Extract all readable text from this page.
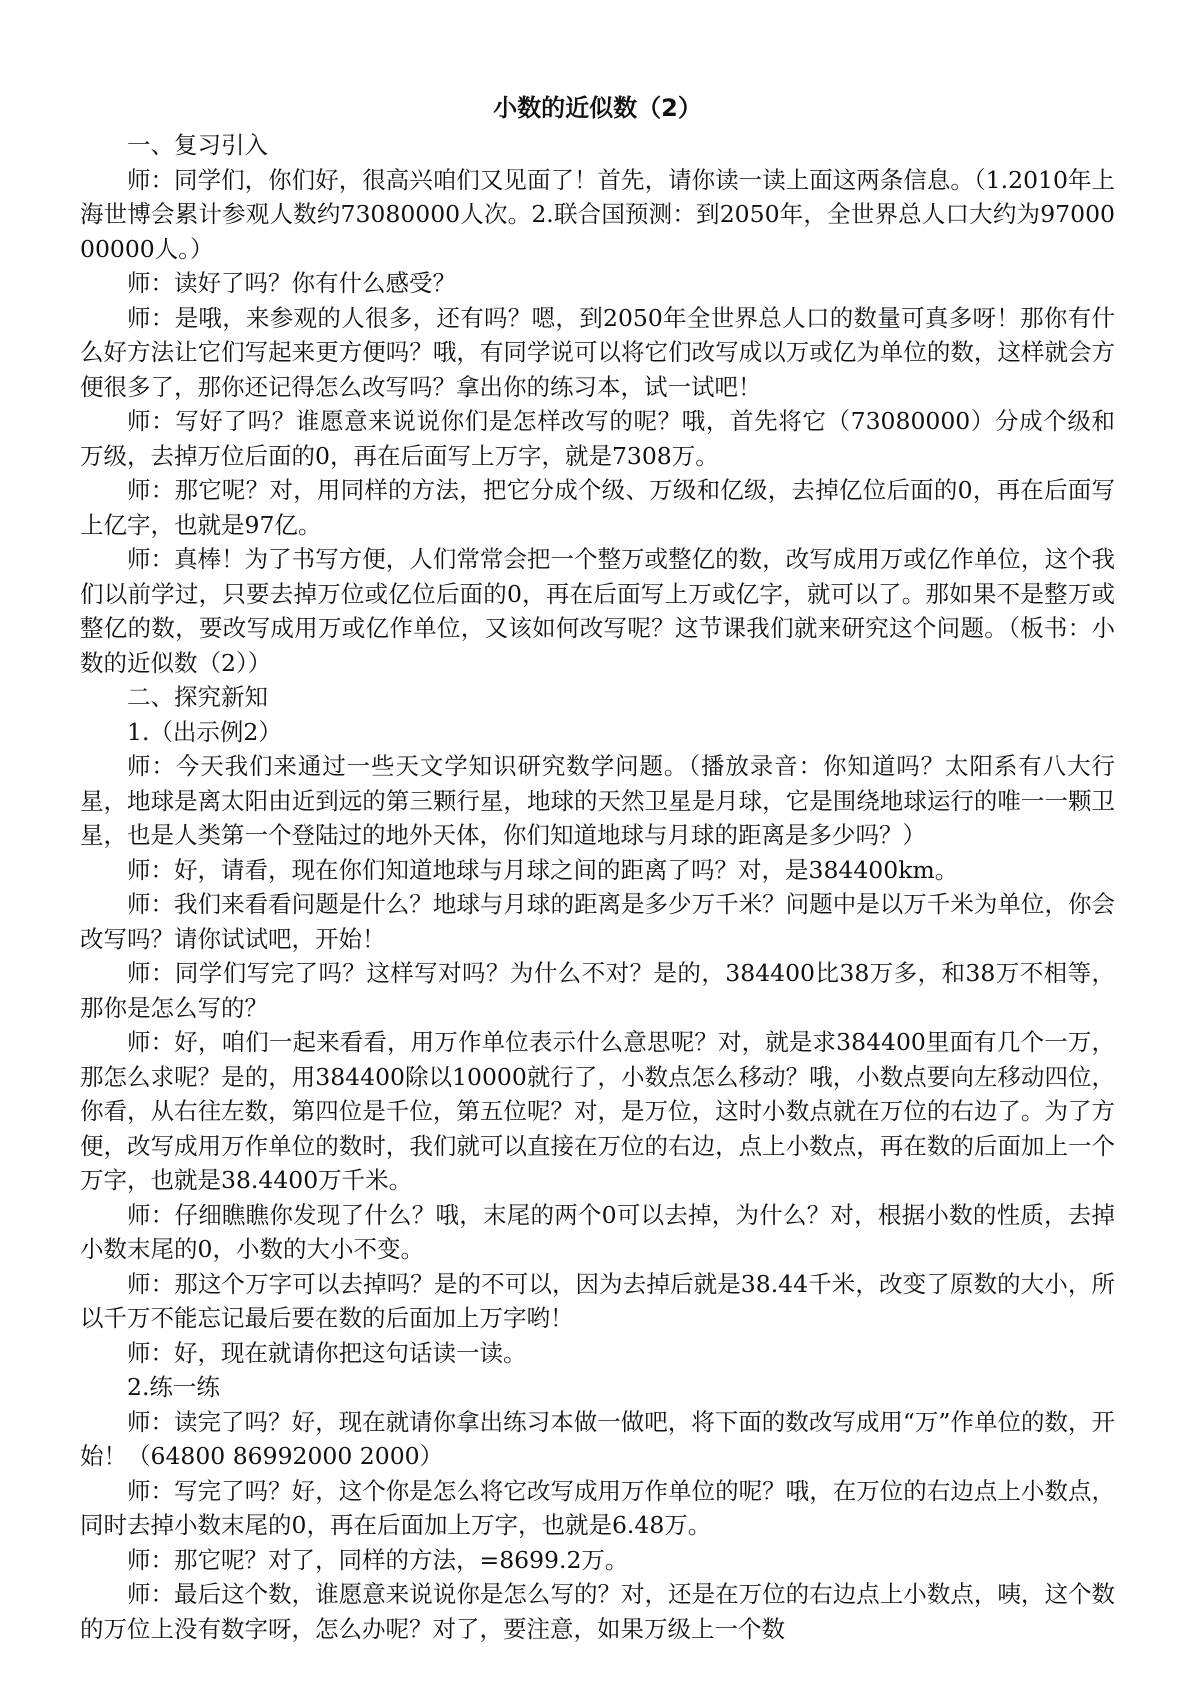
小数的近似数（2）

一、复习引入

师：同学们，你们好，很高兴咱们又见面了！首先，请你读一读上面这两条信息。（1.2010年上海世博会累计参观人数约73080000人次。2.联合国预测：到2050年，全世界总人口大约为9700000000人。）

师：读好了吗？你有什么感受？

师：是哦，来参观的人很多，还有吗？嗯，到2050年全世界总人口的数量可真多呀！那你有什么好方法让它们写起来更方便吗？哦，有同学说可以将它们改写成以万或亿为单位的数，这样就会方便很多了，那你还记得怎么改写吗？拿出你的练习本，试一试吧！

师：写好了吗？谁愿意来说说你们是怎样改写的呢？哦，首先将它（73080000）分成个级和万级，去掉万位后面的0，再在后面写上万字，就是7308万。

师：那它呢？对，用同样的方法，把它分成个级、万级和亿级，去掉亿位后面的0，再在后面写上亿字，也就是97亿。

师：真棒！为了书写方便，人们常常会把一个整万或整亿的数，改写成用万或亿作单位，这个我们以前学过，只要去掉万位或亿位后面的0，再在后面写上万或亿字，就可以了。那如果不是整万或整亿的数，要改写成用万或亿作单位，又该如何改写呢？这节课我们就来研究这个问题。（板书：小数的近似数（2））

二、探究新知

1.（出示例2）

师：今天我们来通过一些天文学知识研究数学问题。（播放录音：你知道吗？太阳系有八大行星，地球是离太阳由近到远的第三颗行星，地球的天然卫星是月球，它是围绕地球运行的唯一一颗卫星，也是人类第一个登陆过的地外天体，你们知道地球与月球的距离是多少吗？）

师：好，请看，现在你们知道地球与月球之间的距离了吗？对，是384400km。

师：我们来看看问题是什么？地球与月球的距离是多少万千米？问题中是以万千米为单位，你会改写吗？请你试试吧，开始！

师：同学们写完了吗？这样写对吗？为什么不对？是的，384400比38万多，和38万不相等，那你是怎么写的？

师：好，咱们一起来看看，用万作单位表示什么意思呢？对，就是求384400里面有几个一万，那怎么求呢？是的，用384400除以10000就行了，小数点怎么移动？哦，小数点要向左移动四位，你看，从右往左数，第四位是千位，第五位呢？对，是万位，这时小数点就在万位的右边了。为了方便，改写成用万作单位的数时，我们就可以直接在万位的右边，点上小数点，再在数的后面加上一个万字，也就是38.4400万千米。

师：仔细瞧瞧你发现了什么？哦，末尾的两个0可以去掉，为什么？对，根据小数的性质，去掉小数末尾的0，小数的大小不变。

师：那这个万字可以去掉吗？是的不可以，因为去掉后就是38.44千米，改变了原数的大小，所以千万不能忘记最后要在数的后面加上万字哟！

师：好，现在就请你把这句话读一读。

2.练一练

师：读完了吗？好，现在就请你拿出练习本做一做吧，将下面的数改写成用“万”作单位的数，开始！（64800 86992000 2000）

师：写完了吗？好，这个你是怎么将它改写成用万作单位的呢？哦，在万位的右边点上小数点，同时去掉小数末尾的0，再在后面加上万字，也就是6.48万。

师：那它呢？对了，同样的方法，=8699.2万。

师：最后这个数，谁愿意来说说你是怎么写的？对，还是在万位的右边点上小数点，咦，这个数的万位上没有数字呀，怎么办呢？对了，要注意，如果万级上一个数
